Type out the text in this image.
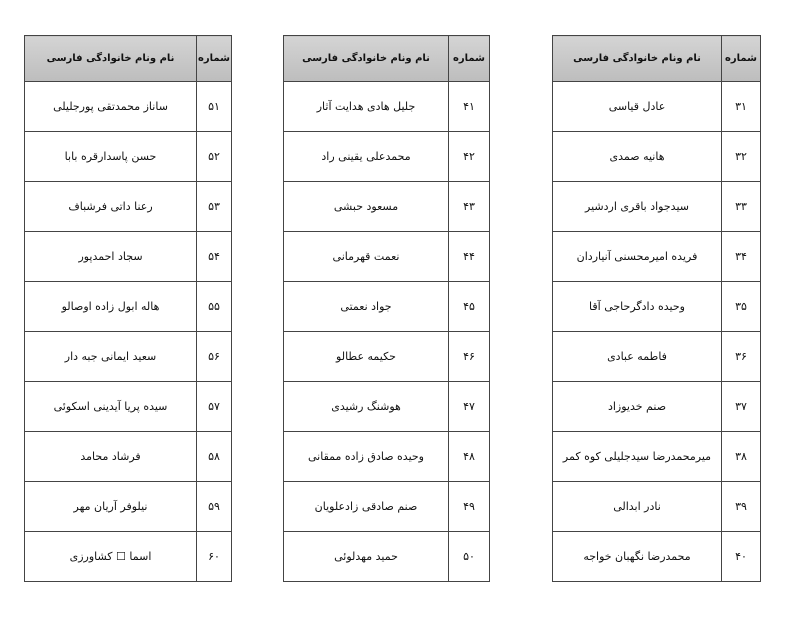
شماره	نام ونام خانوادگی فارسی
۵۱	ساناز محمدتقی پورجلیلی
۵۲	حسن پاسدارقره بابا
۵۳	رعنا داتی فرشباف
۵۴	سجاد احمدپور
۵۵	هاله ابول زاده اوصالو
۵۶	سعید ایمانی جبه دار
۵۷	سیده پریا آیدینی اسکوئی
۵۸	فرشاد محامد
۵۹	نیلوفر آریان مهر
۶۰	اسما ☐ کشاورزی
شماره	نام ونام خانوادگی فارسی
۴۱	جلیل هادی هدایت آثار
۴۲	محمدعلی یقینی راد
۴۳	مسعود حبشی
۴۴	نعمت قهرمانی
۴۵	جواد نعمتی
۴۶	حکیمه عطالو
۴۷	هوشنگ رشیدی
۴۸	وحیده صادق زاده ممقانی
۴۹	صنم صادقی زادعلویان
۵۰	حمید مهدلوئی
شماره	نام ونام خانوادگی فارسی
۳۱	عادل قیاسی
۳۲	هانیه صمدی
۳۳	سیدجواد باقری اردشیر
۳۴	فریده امیرمحسنی آنیاردان
۳۵	وحیده دادگرحاجی آقا
۳۶	فاطمه عبادی
۳۷	صنم خدیوزاد
۳۸	میرمحمدرضا سیدجلیلی کوه کمر
۳۹	نادر ابدالی
۴۰	محمدرضا نگهبان خواجه
